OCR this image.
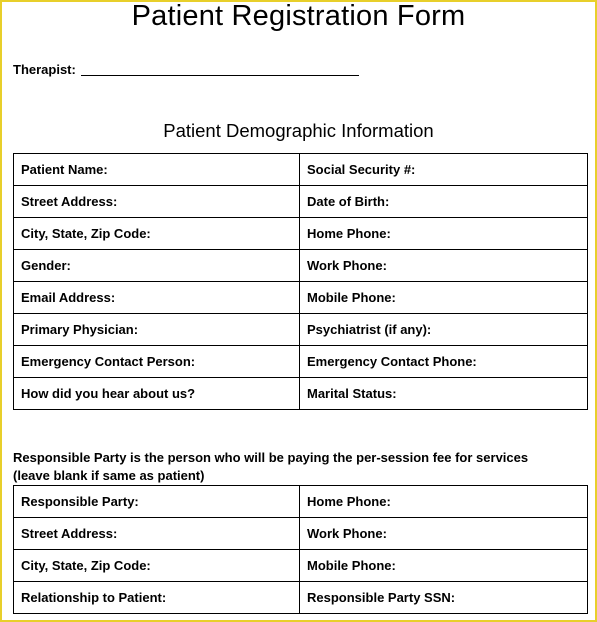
Patient Registration Form
Therapist:
Patient Demographic Information
Patient Name:	Social Security #:
Street Address:	Date of Birth:
City, State, Zip Code:	Home Phone:
Gender:	Work Phone:
Email Address:	Mobile Phone:
Primary Physician:	Psychiatrist (if any):
Emergency Contact Person:	Emergency Contact Phone:
How did you hear about us?	Marital Status:
Responsible Party is the person who will be paying the per-session fee for services
(leave blank if same as patient)
Responsible Party:	Home Phone:
Street Address:	Work Phone:
City, State, Zip Code:	Mobile Phone:
Relationship to Patient:	Responsible Party SSN:
